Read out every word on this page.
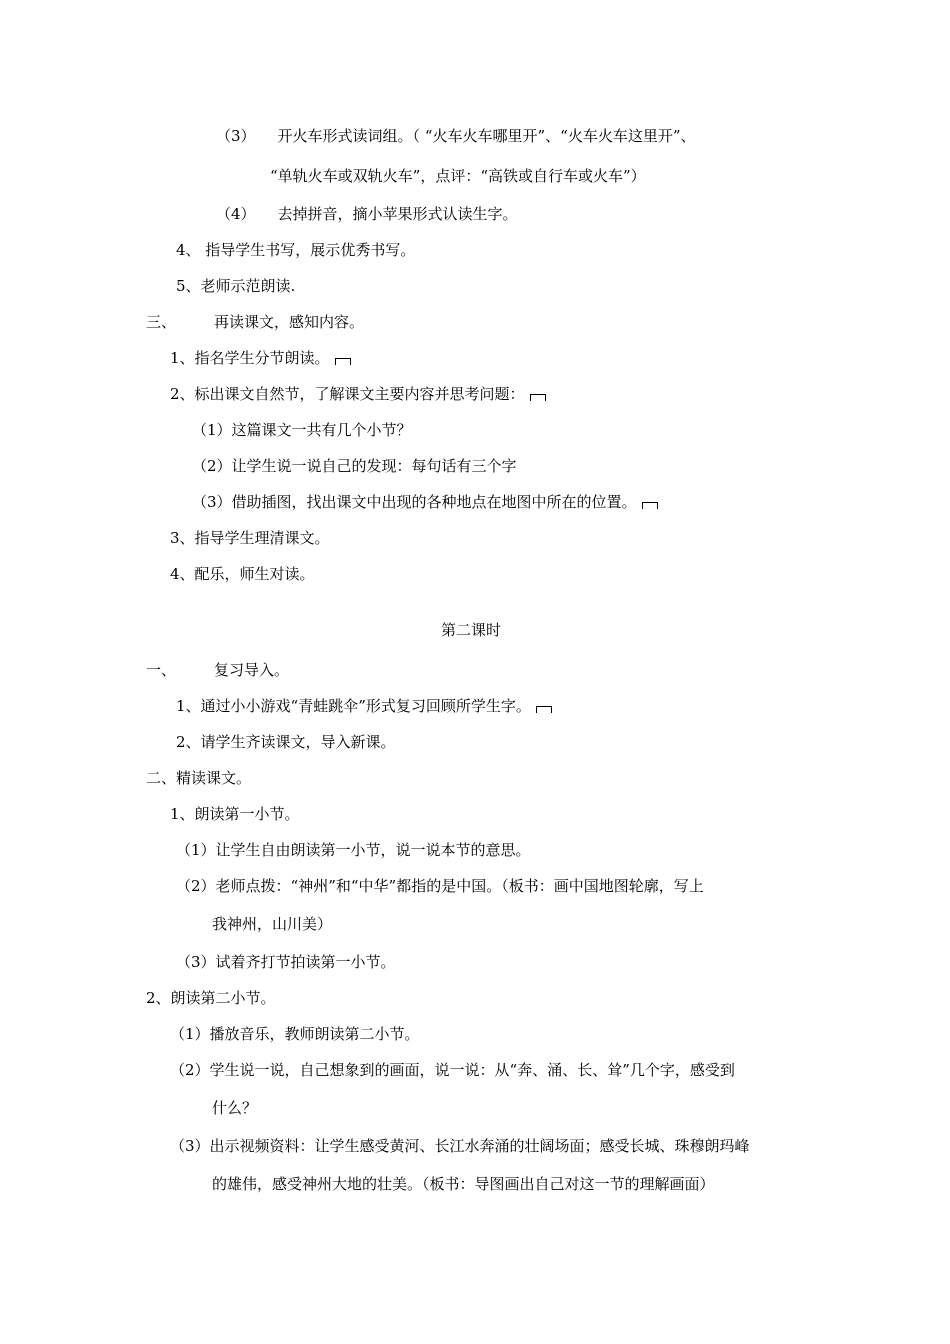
（3） 开火车形式读词组。（ “火车火车哪里开”、“火车火车这里开”、
“单轨火车或双轨火车”，点评：“高铁或自行车或火车”）
（4） 去掉拼音，摘小苹果形式认读生字。
4、 指导学生书写，展示优秀书写。
5、老师示范朗读.
三、	再读课文，感知内容。
1、指名学生分节朗读。
2、标出课文自然节，了解课文主要内容并思考问题：
（1）这篇课文一共有几个小节？
（2）让学生说一说自己的发现：每句话有三个字
（3）借助插图，找出课文中出现的各种地点在地图中所在的位置。
3、指导学生理清课文。
4、配乐，师生对读。
第二课时
一、	复习导入。
1、通过小小游戏“青蛙跳伞”形式复习回顾所学生字。
2、请学生齐读课文，导入新课。
二、精读课文。
1、朗读第一小节。
（1）让学生自由朗读第一小节，说一说本节的意思。
（2）老师点拨：“神州”和“中华”都指的是中国。（板书：画中国地图轮廓，写上
我神州，山川美）
（3）试着齐打节拍读第一小节。
2、朗读第二小节。
（1）播放音乐，教师朗读第二小节。
（2）学生说一说，自己想象到的画面，说一说：从“奔、涌、长、耸”几个字，感受到
什么？
（3）出示视频资料：让学生感受黄河、长江水奔涌的壮阔场面；感受长城、珠穆朗玛峰
的雄伟，感受神州大地的壮美。（板书：导图画出自己对这一节的理解画面）
